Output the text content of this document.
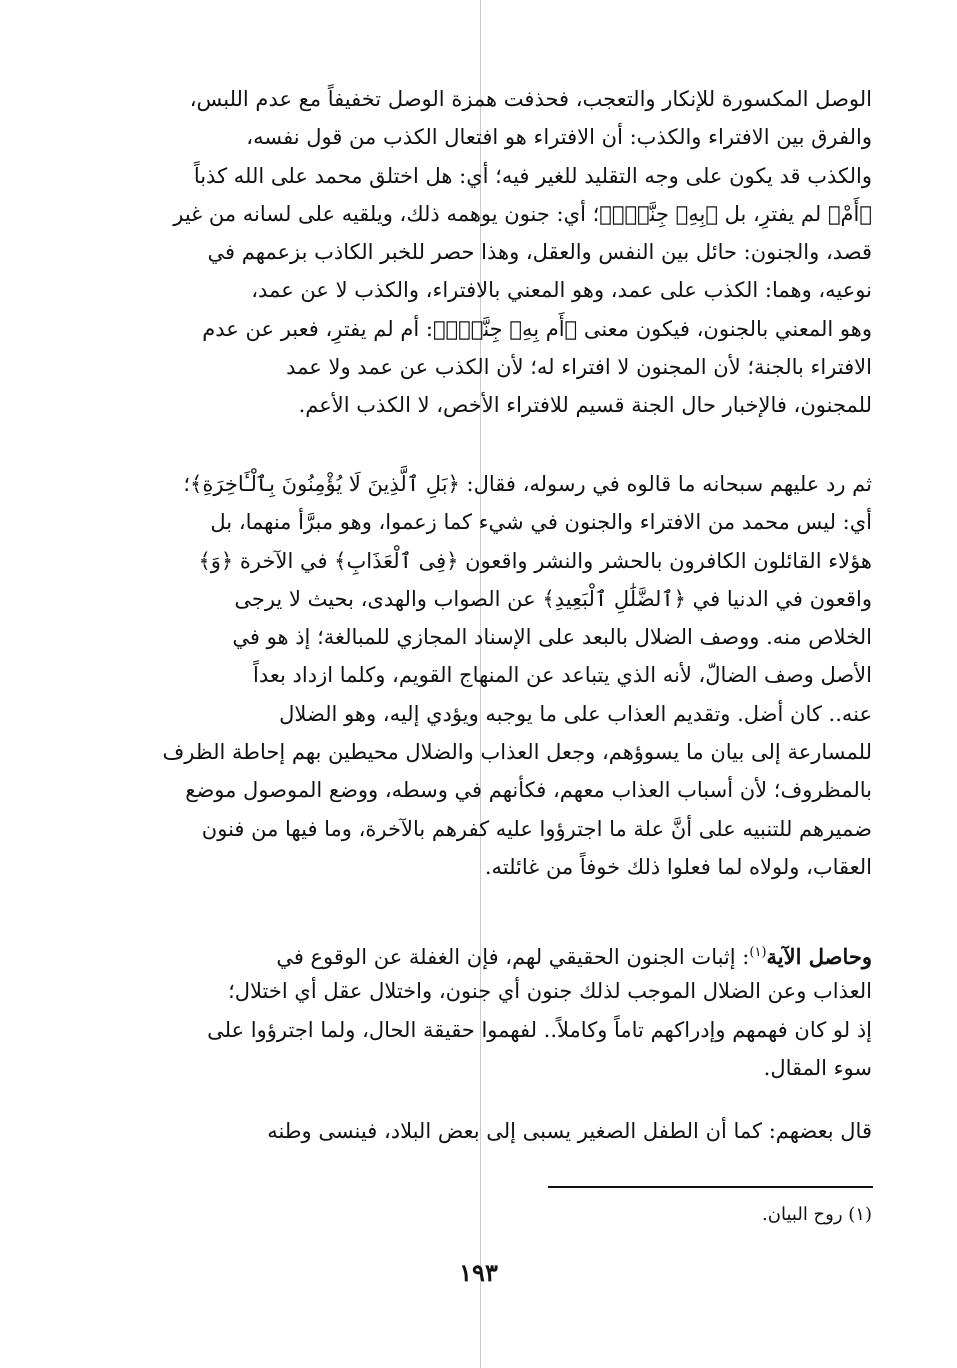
الوصل المكسورة للإنكار والتعجب، فحذفت همزة الوصل تخفيفاً مع عدم اللبس،
والفرق بين الافتراء والكذب: أن الافتراء هو افتعال الكذب من قول نفسه،
والكذب قد يكون على وجه التقليد للغير فيه؛ أي: هل اختلق محمد على الله كذباً
﴿أَمْ﴾ لم يفترِ، بل ﴿بِهِۦ جِنَّةٌۢ﴾؛ أي: جنون يوهمه ذلك، ويلقيه على لسانه من غير
قصد، والجنون: حائل بين النفس والعقل، وهذا حصر للخبر الكاذب بزعمهم في
نوعيه، وهما: الكذب على عمد، وهو المعني بالافتراء، والكذب لا عن عمد،
وهو المعني بالجنون، فيكون معنى ﴿أَم بِهِۦ جِنَّةٌۢ﴾: أم لم يفترِ، فعبر عن عدم
الافتراء بالجنة؛ لأن المجنون لا افتراء له؛ لأن الكذب عن عمد ولا عمد
للمجنون، فالإخبار حال الجنة قسيم للافتراء الأخص، لا الكذب الأعم.
ثم رد عليهم سبحانه ما قالوه في رسوله، فقال: ﴿بَلِ ٱلَّذِينَ لَا يُؤْمِنُونَ بِٱلْـَٔاخِرَةِ﴾؛
أي: ليس محمد من الافتراء والجنون في شيء كما زعموا، وهو مبرَّأ منهما، بل
هؤلاء القائلون الكافرون بالحشر والنشر واقعون ﴿فِى ٱلْعَذَابِ﴾ في الآخرة ﴿وَ﴾
واقعون في الدنيا في ﴿ٱلضَّلَٰلِ ٱلْبَعِيدِ﴾ عن الصواب والهدى، بحيث لا يرجى
الخلاص منه. ووصف الضلال بالبعد على الإسناد المجازي للمبالغة؛ إذ هو في
الأصل وصف الضالّ، لأنه الذي يتباعد عن المنهاج القويم، وكلما ازداد بعداً
عنه.. كان أضل. وتقديم العذاب على ما يوجبه ويؤدي إليه، وهو الضلال
للمسارعة إلى بيان ما يسوؤهم، وجعل العذاب والضلال محيطين بهم إحاطة الظرف
بالمظروف؛ لأن أسباب العذاب معهم، فكأنهم في وسطه، ووضع الموصول موضع
ضميرهم للتنبيه على أنَّ علة ما اجترؤوا عليه كفرهم بالآخرة، وما فيها من فنون
العقاب، ولولاه لما فعلوا ذلك خوفاً من غائلته.
وحاصل الآية$^{(١)}$: إثبات الجنون الحقيقي لهم، فإن الغفلة عن الوقوع في
العذاب وعن الضلال الموجب لذلك جنون أي جنون، واختلال عقل أي اختلال؛
إذ لو كان فهمهم وإدراكهم تاماً وكاملاً.. لفهموا حقيقة الحال، ولما اجترؤوا على
سوء المقال.
قال بعضهم: كما أن الطفل الصغير يسبى إلى بعض البلاد، فينسى وطنه
(١) روح البيان.
١٩٣
